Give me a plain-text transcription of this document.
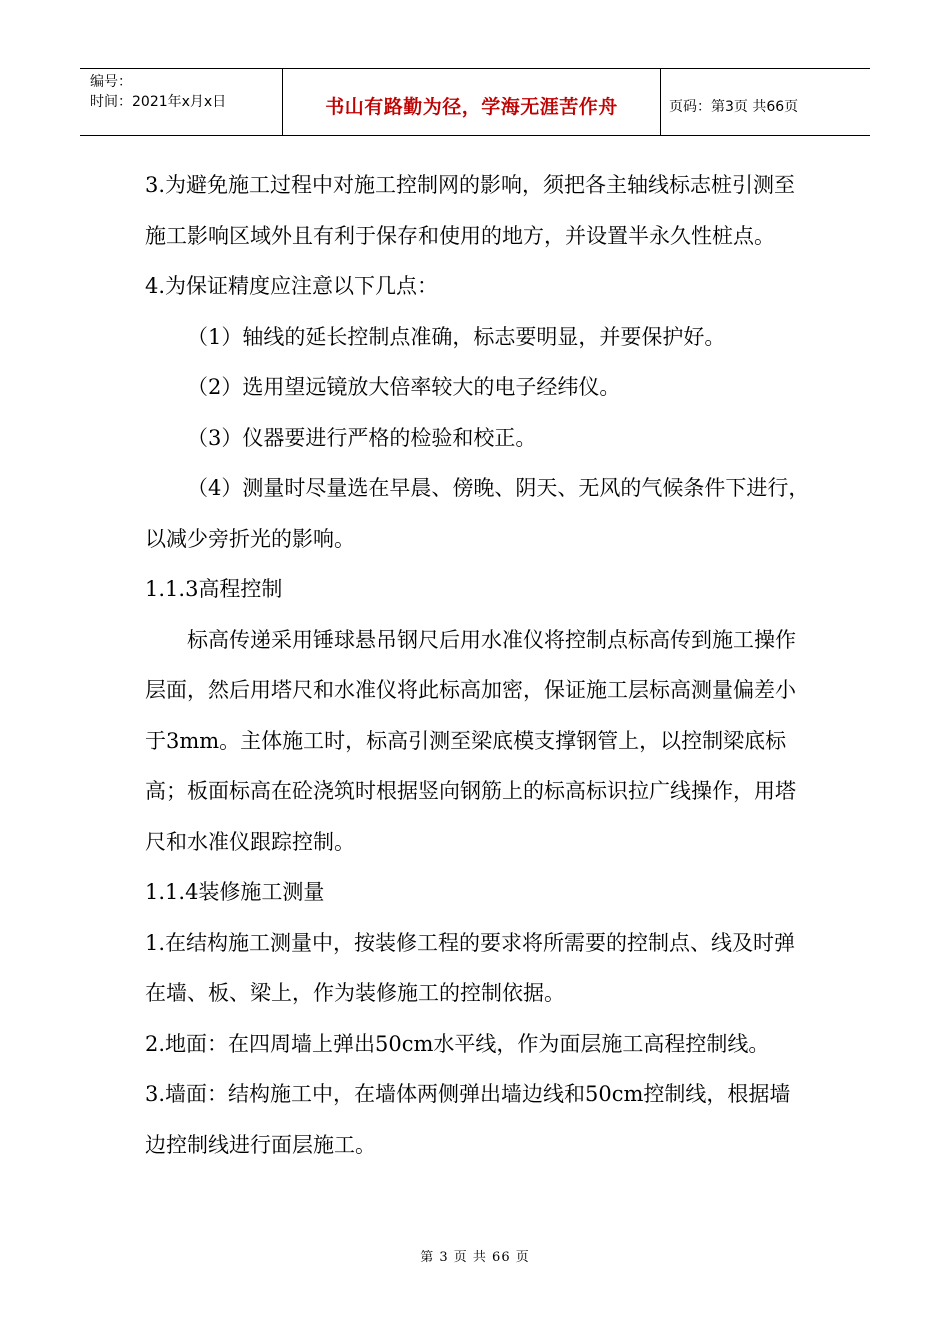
编号：
时间：2021年x月x日	书山有路勤为径，学海无涯苦作舟	页码：第3页 共66页

3.为避免施工过程中对施工控制网的影响，须把各主轴线标志桩引测至施工影响区域外且有利于保存和使用的地方，并设置半永久性桩点。

4.为保证精度应注意以下几点：

（1）轴线的延长控制点准确，标志要明显，并要保护好。

（2）选用望远镜放大倍率较大的电子经纬仪。

（3）仪器要进行严格的检验和校正。

（4）测量时尽量选在早晨、傍晚、阴天、无风的气候条件下进行，以减少旁折光的影响。

1.1.3高程控制

标高传递采用锤球悬吊钢尺后用水准仪将控制点标高传到施工操作层面，然后用塔尺和水准仪将此标高加密，保证施工层标高测量偏差小于3mm。主体施工时，标高引测至梁底模支撑钢管上，以控制梁底标高；板面标高在砼浇筑时根据竖向钢筋上的标高标识拉广线操作，用塔尺和水准仪跟踪控制。

1.1.4装修施工测量

1.在结构施工测量中，按装修工程的要求将所需要的控制点、线及时弹在墙、板、梁上，作为装修施工的控制依据。

2.地面：在四周墙上弹出50cm水平线，作为面层施工高程控制线。

3.墙面：结构施工中，在墙体两侧弹出墙边线和50cm控制线，根据墙边控制线进行面层施工。

第 3 页 共 66 页
